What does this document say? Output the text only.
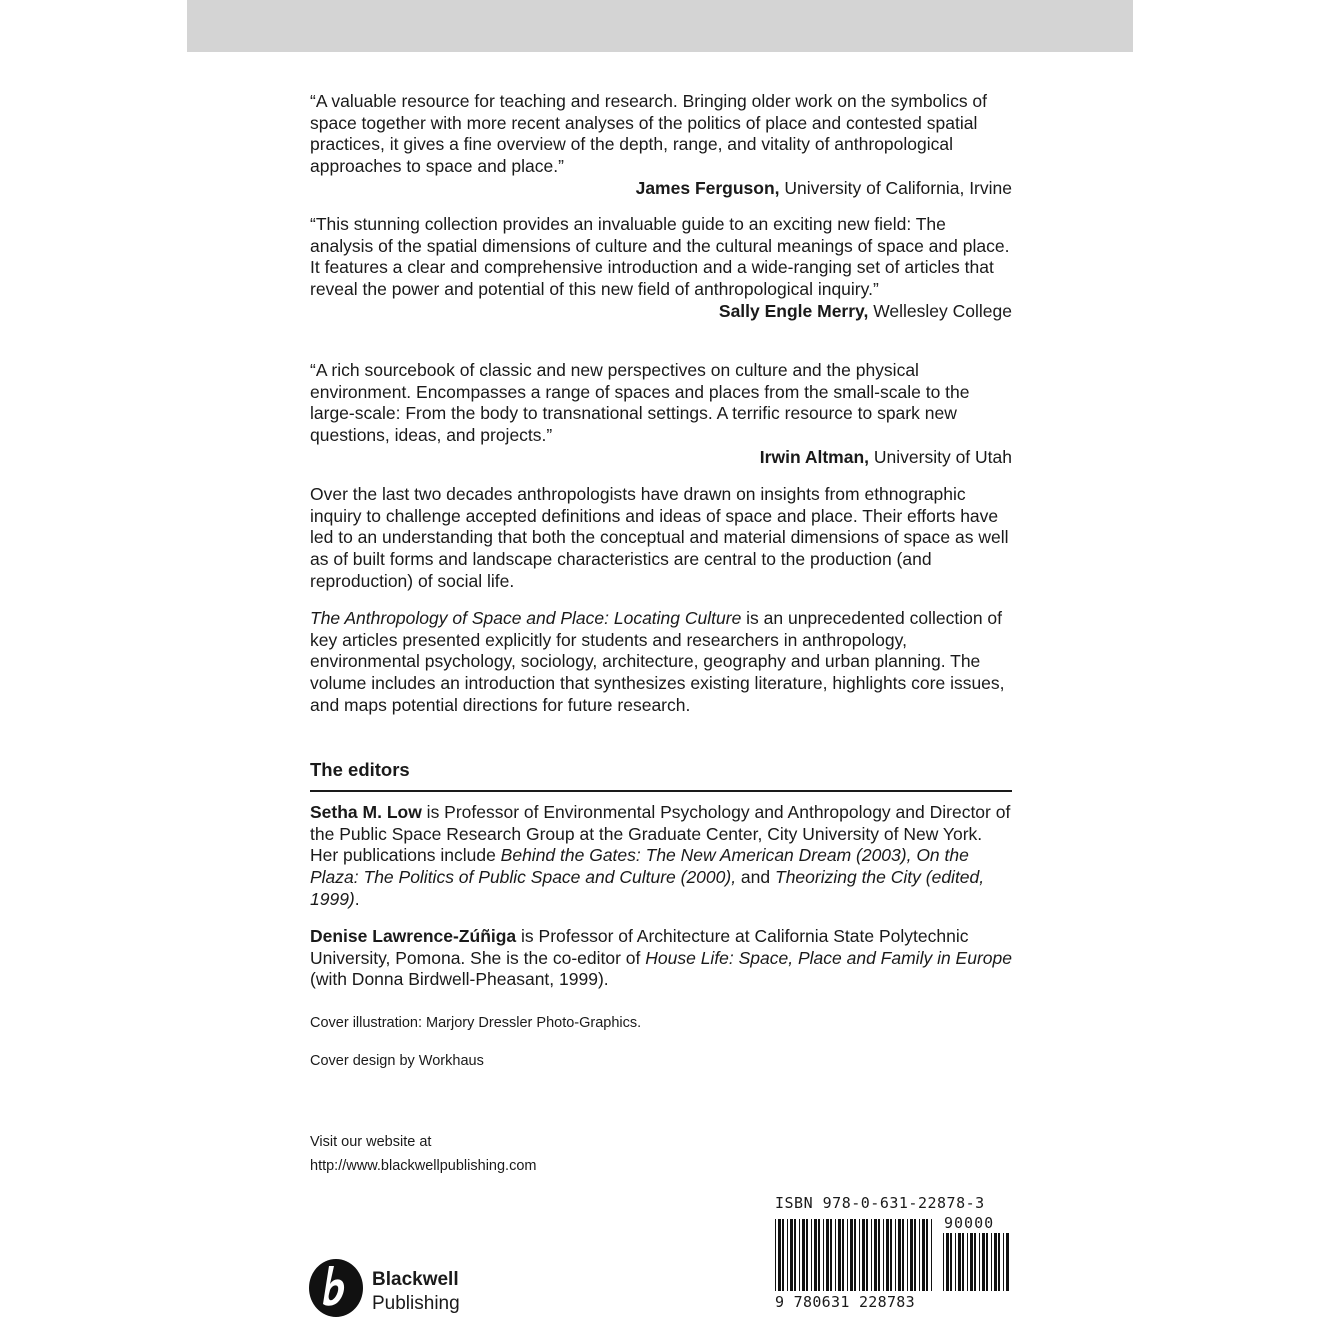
“A valuable resource for teaching and research. Bringing older work on the symbolics of space together with more recent analyses of the politics of place and contested spatial practices, it gives a fine overview of the depth, range, and vitality of anthropological approaches to space and place.”

James Ferguson, University of California, Irvine

“This stunning collection provides an invaluable guide to an exciting new field: The analysis of the spatial dimensions of culture and the cultural meanings of space and place. It features a clear and comprehensive introduction and a wide-ranging set of articles that reveal the power and potential of this new field of anthropological inquiry.”

Sally Engle Merry, Wellesley College

“A rich sourcebook of classic and new perspectives on culture and the physical environment. Encompasses a range of spaces and places from the small-scale to the large-scale: From the body to transnational settings. A terrific resource to spark new questions, ideas, and projects.”

Irwin Altman, University of Utah

Over the last two decades anthropologists have drawn on insights from ethnographic inquiry to challenge accepted definitions and ideas of space and place. Their efforts have led to an understanding that both the conceptual and material dimensions of space as well as of built forms and landscape characteristics are central to the production (and reproduction) of social life.

The Anthropology of Space and Place: Locating Culture is an unprecedented collection of key articles presented explicitly for students and researchers in anthropology, environmental psychology, sociology, architecture, geography and urban planning. The volume includes an introduction that synthesizes existing literature, highlights core issues, and maps potential directions for future research.

The editors

Setha M. Low is Professor of Environmental Psychology and Anthropology and Director of the Public Space Research Group at the Graduate Center, City University of New York. Her publications include Behind the Gates: The New American Dream (2003), On the Plaza: The Politics of Public Space and Culture (2000), and Theorizing the City (edited, 1999).

Denise Lawrence-Zúñiga is Professor of Architecture at California State Polytechnic University, Pomona. She is the co-editor of House Life: Space, Place and Family in Europe (with Donna Birdwell-Pheasant, 1999).

Cover illustration: Marjory Dressler Photo-Graphics.

Cover design by Workhaus

Visit our website at

http://www.blackwellpublishing.com

Blackwell
Publishing
ISBN 978-0-631-22878-3
90000
9 780631 228783
